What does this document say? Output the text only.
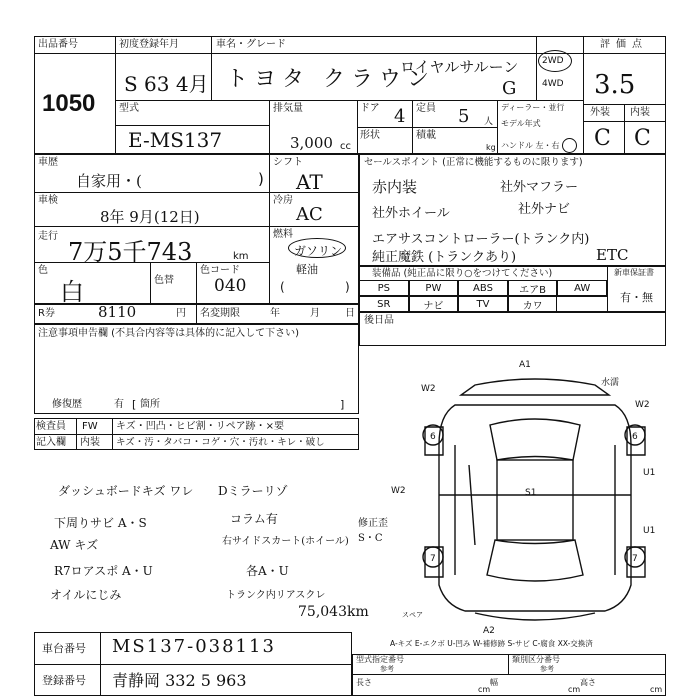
出品番号
1050
初度登録年月
S 63 4月
車名・グレード
トヨタ クラウン
ロイヤルサルーン
G
2WD
4WD
評価点
3.5
外装 内装
C C
型式
E-MS137
排気量
3,000 cc
ドア 4 定員 5 人
形状	積載
kg
ディーラー・並行
モデル年式
ハンドル 左・右
車歴
自家用・(	)
車検
8年 9月(12日)
走行
7万5千743	km
色
白	色替
色コード
040
シフト
AT
冷房
AC
燃料
ガソリン
軽油
(	)
R券	8110	円 名変期限	年	月	日
注意事項申告欄 (不具合内容等は具体的に記入して下さい)
修復歴	有 [ 箇所	]
検査員
記入欄
FW キズ・凹凸・ヒビ割・リペア跡・×要
内装 キズ・汚・タバコ・コゲ・穴・汚れ・キレ・破し
ダッシュボードキズ ワレ Dミラーリゾ
下周りサビ A・S	コラム有
AW キズ	右サイドスカート(ホイール)
R7ロアスポ A・U	各A・U
オイルにじみ	トランク内リアスクレ
75,043km
修正歪 S・C
セールスポイント (正常に機能するものに限ります)
赤内装	社外マフラー
社外ホイール	社外ナビ
エアサスコントローラー(トランク内)
純正魔鉄 (トランクあり)	ETC
装備品 (純正品に限り○をつけてください)	新車保証書
有・無
PS	PW	ABS	エアB	AW
SR	ナビ	TV	カワ
後日品
A1
W2
水濡
W2
6	6
U1
W2	S1
U1
7	7
A2
スペア
A-キズ E-エクボ U-凹み W-補修跡 S-サビ C-腐食 XX-交換済
車台番号 MS137-038113
登録番号 青静岡 332 5 963
型式指定番号
参考
類別区分番号
参考
長さ
cm
幅
cm
高さ
cm
